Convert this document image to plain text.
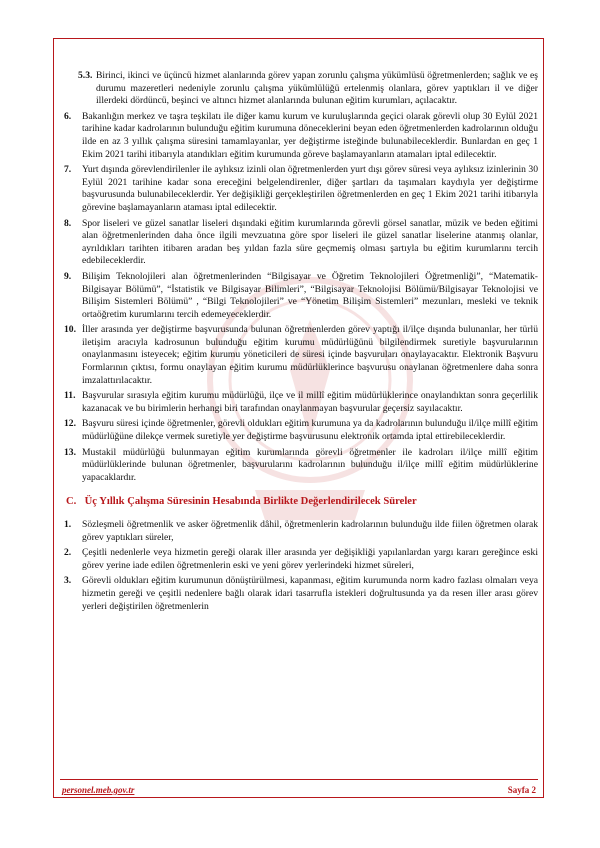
5.3. Birinci, ikinci ve üçüncü hizmet alanlarında görev yapan zorunlu çalışma yükümlüsü öğretmenlerden; sağlık ve eş durumu mazeretleri nedeniyle zorunlu çalışma yükümlülüğü ertelenmiş olanlara, görev yaptıkları il ve diğer illerdeki dördüncü, beşinci ve altıncı hizmet alanlarında bulunan eğitim kurumları, açılacaktır.
6. Bakanlığın merkez ve taşra teşkilatı ile diğer kamu kurum ve kuruluşlarında geçici olarak görevli olup 30 Eylül 2021 tarihine kadar kadrolarının bulunduğu eğitim kurumuna döneceklerini beyan eden öğretmenlerden kadrolarının olduğu ilde en az 3 yıllık çalışma süresini tamamlayanlar, yer değiştirme isteğinde bulunabileceklerdir. Bunlardan en geç 1 Ekim 2021 tarihi itibarıyla atandıkları eğitim kurumunda göreve başlamayanların atamaları iptal edilecektir.
7. Yurt dışında görevlendirilenler ile aylıksız izinli olan öğretmenlerden yurt dışı görev süresi veya aylıksız izinlerinin 30 Eylül 2021 tarihine kadar sona ereceğini belgelendirenler, diğer şartları da taşımaları kaydıyla yer değiştirme başvurusunda bulunabileceklerdir. Yer değişikliği gerçekleştirilen öğretmenlerden en geç 1 Ekim 2021 tarihi itibarıyla görevine başlamayanların ataması iptal edilecektir.
8. Spor liseleri ve güzel sanatlar liseleri dışındaki eğitim kurumlarında görevli görsel sanatlar, müzik ve beden eğitimi alan öğretmenlerinden daha önce ilgili mevzuatına göre spor liseleri ile güzel sanatlar liselerine atanmış olanlar, ayrıldıkları tarihten itibaren aradan beş yıldan fazla süre geçmemiş olması şartıyla bu eğitim kurumlarını tercih edebileceklerdir.
9. Bilişim Teknolojileri alan öğretmenlerinden “Bilgisayar ve Öğretim Teknolojileri Öğretmenliği”, “Matematik-Bilgisayar Bölümü”, “İstatistik ve Bilgisayar Bilimleri”, “Bilgisayar Teknolojisi Bölümü/Bilgisayar Teknolojisi ve Bilişim Sistemleri Bölümü” , “Bilgi Teknolojileri” ve “Yönetim Bilişim Sistemleri” mezunları, mesleki ve teknik ortaöğretim kurumlarını tercih edemeyeceklerdir.
10. İller arasında yer değiştirme başvurusunda bulunan öğretmenlerden görev yaptığı il/ilçe dışında bulunanlar, her türlü iletişim aracıyla kadrosunun bulunduğu eğitim kurumu müdürlüğünü bilgilendirmek suretiyle başvurularının onaylanmasını isteyecek; eğitim kurumu yöneticileri de süresi içinde başvuruları onaylayacaktır. Elektronik Başvuru Formlarının çıktısı, formu onaylayan eğitim kurumu müdürlüklerince başvurusu onaylanan öğretmenlere daha sonra imzalattırılacaktır.
11. Başvurular sırasıyla eğitim kurumu müdürlüğü, ilçe ve il millî eğitim müdürlüklerince onaylandıktan sonra geçerlilik kazanacak ve bu birimlerin herhangi biri tarafından onaylanmayan başvurular geçersiz sayılacaktır.
12. Başvuru süresi içinde öğretmenler, görevli oldukları eğitim kurumuna ya da kadrolarının bulunduğu il/ilçe millî eğitim müdürlüğüne dilekçe vermek suretiyle yer değiştirme başvurusunu elektronik ortamda iptal ettirebileceklerdir.
13. Mustakil müdürlüğü bulunmayan eğitim kurumlarında görevli öğretmenler ile kadroları il/ilçe millî eğitim müdürlüklerinde bulunan öğretmenler, başvurularını kadrolarının bulunduğu il/ilçe millî eğitim müdürlüklerine yapacaklardır.
C. Üç Yıllık Çalışma Süresinin Hesabında Birlikte Değerlendirilecek Süreler
1. Sözleşmeli öğretmenlik ve asker öğretmenlik dâhil, öğretmenlerin kadrolarının bulunduğu ilde fiilen öğretmen olarak görev yaptıkları süreler,
2. Çeşitli nedenlerle veya hizmetin gereği olarak iller arasında yer değişikliği yapılanlardan yargı kararı gereğince eski görev yerine iade edilen öğretmenlerin eski ve yeni görev yerlerindeki hizmet süreleri,
3. Görevli oldukları eğitim kurumunun dönüştürülmesi, kapanması, eğitim kurumunda norm kadro fazlası olmaları veya hizmetin gereği ve çeşitli nedenlere bağlı olarak idari tasarrufla istekleri doğrultusunda ya da resen iller arası görev yerleri değiştirilen öğretmenlerin
personel.meb.gov.tr	Sayfa 2
